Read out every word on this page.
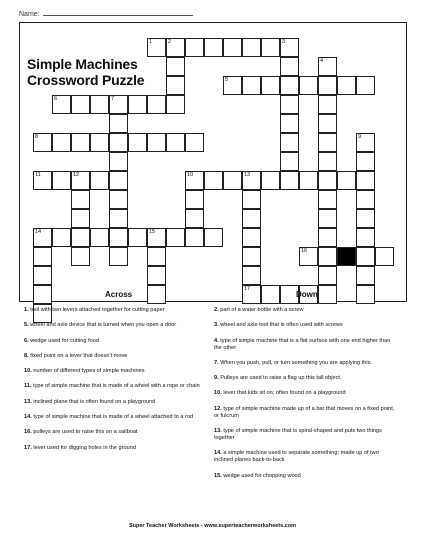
Name:
Simple Machines
Crossword Puzzle
1	2	3
5
6	7
8
10	13
11	12
14	15
16
17
4
9
Across	Down
1. tool with two levers attached together for cutting paper
5. wheel and axle device that is turned when you open a door
6. wedge used for cutting food
8. fixed point on a lever that doesn't move
10. number of different types of simple machines
11. type of simple machine that is made of a wheel with a rope or chain
13. inclined plane that is often found on a playground
14. type of simple machine that is made of a wheel attached to a rod
16. pulleys are used to raise this on a sailboat
17. lever used for digging holes in the ground
2. part of a water bottle with a screw
3. wheel and axle tool that is often used with screws
4. type of simple machine that is a flat surface with one end higher than the other
7. When you push, pull, or turn something you are applying this.
9. Pulleys are used to raise a flag up this tall object.
10. lever that kids sit on; often found on a playground
12. type of simple machine made up of a bar that moves on a fixed point, or fulcrum
13. type of simple machine that is spiral-shaped and puts two things together
14. a simple machine used to separate something; made up of two inclined planes back-to-back
15. wedge used for chopping wood
Super Teacher Worksheets - www.superteacherworksheets.com
